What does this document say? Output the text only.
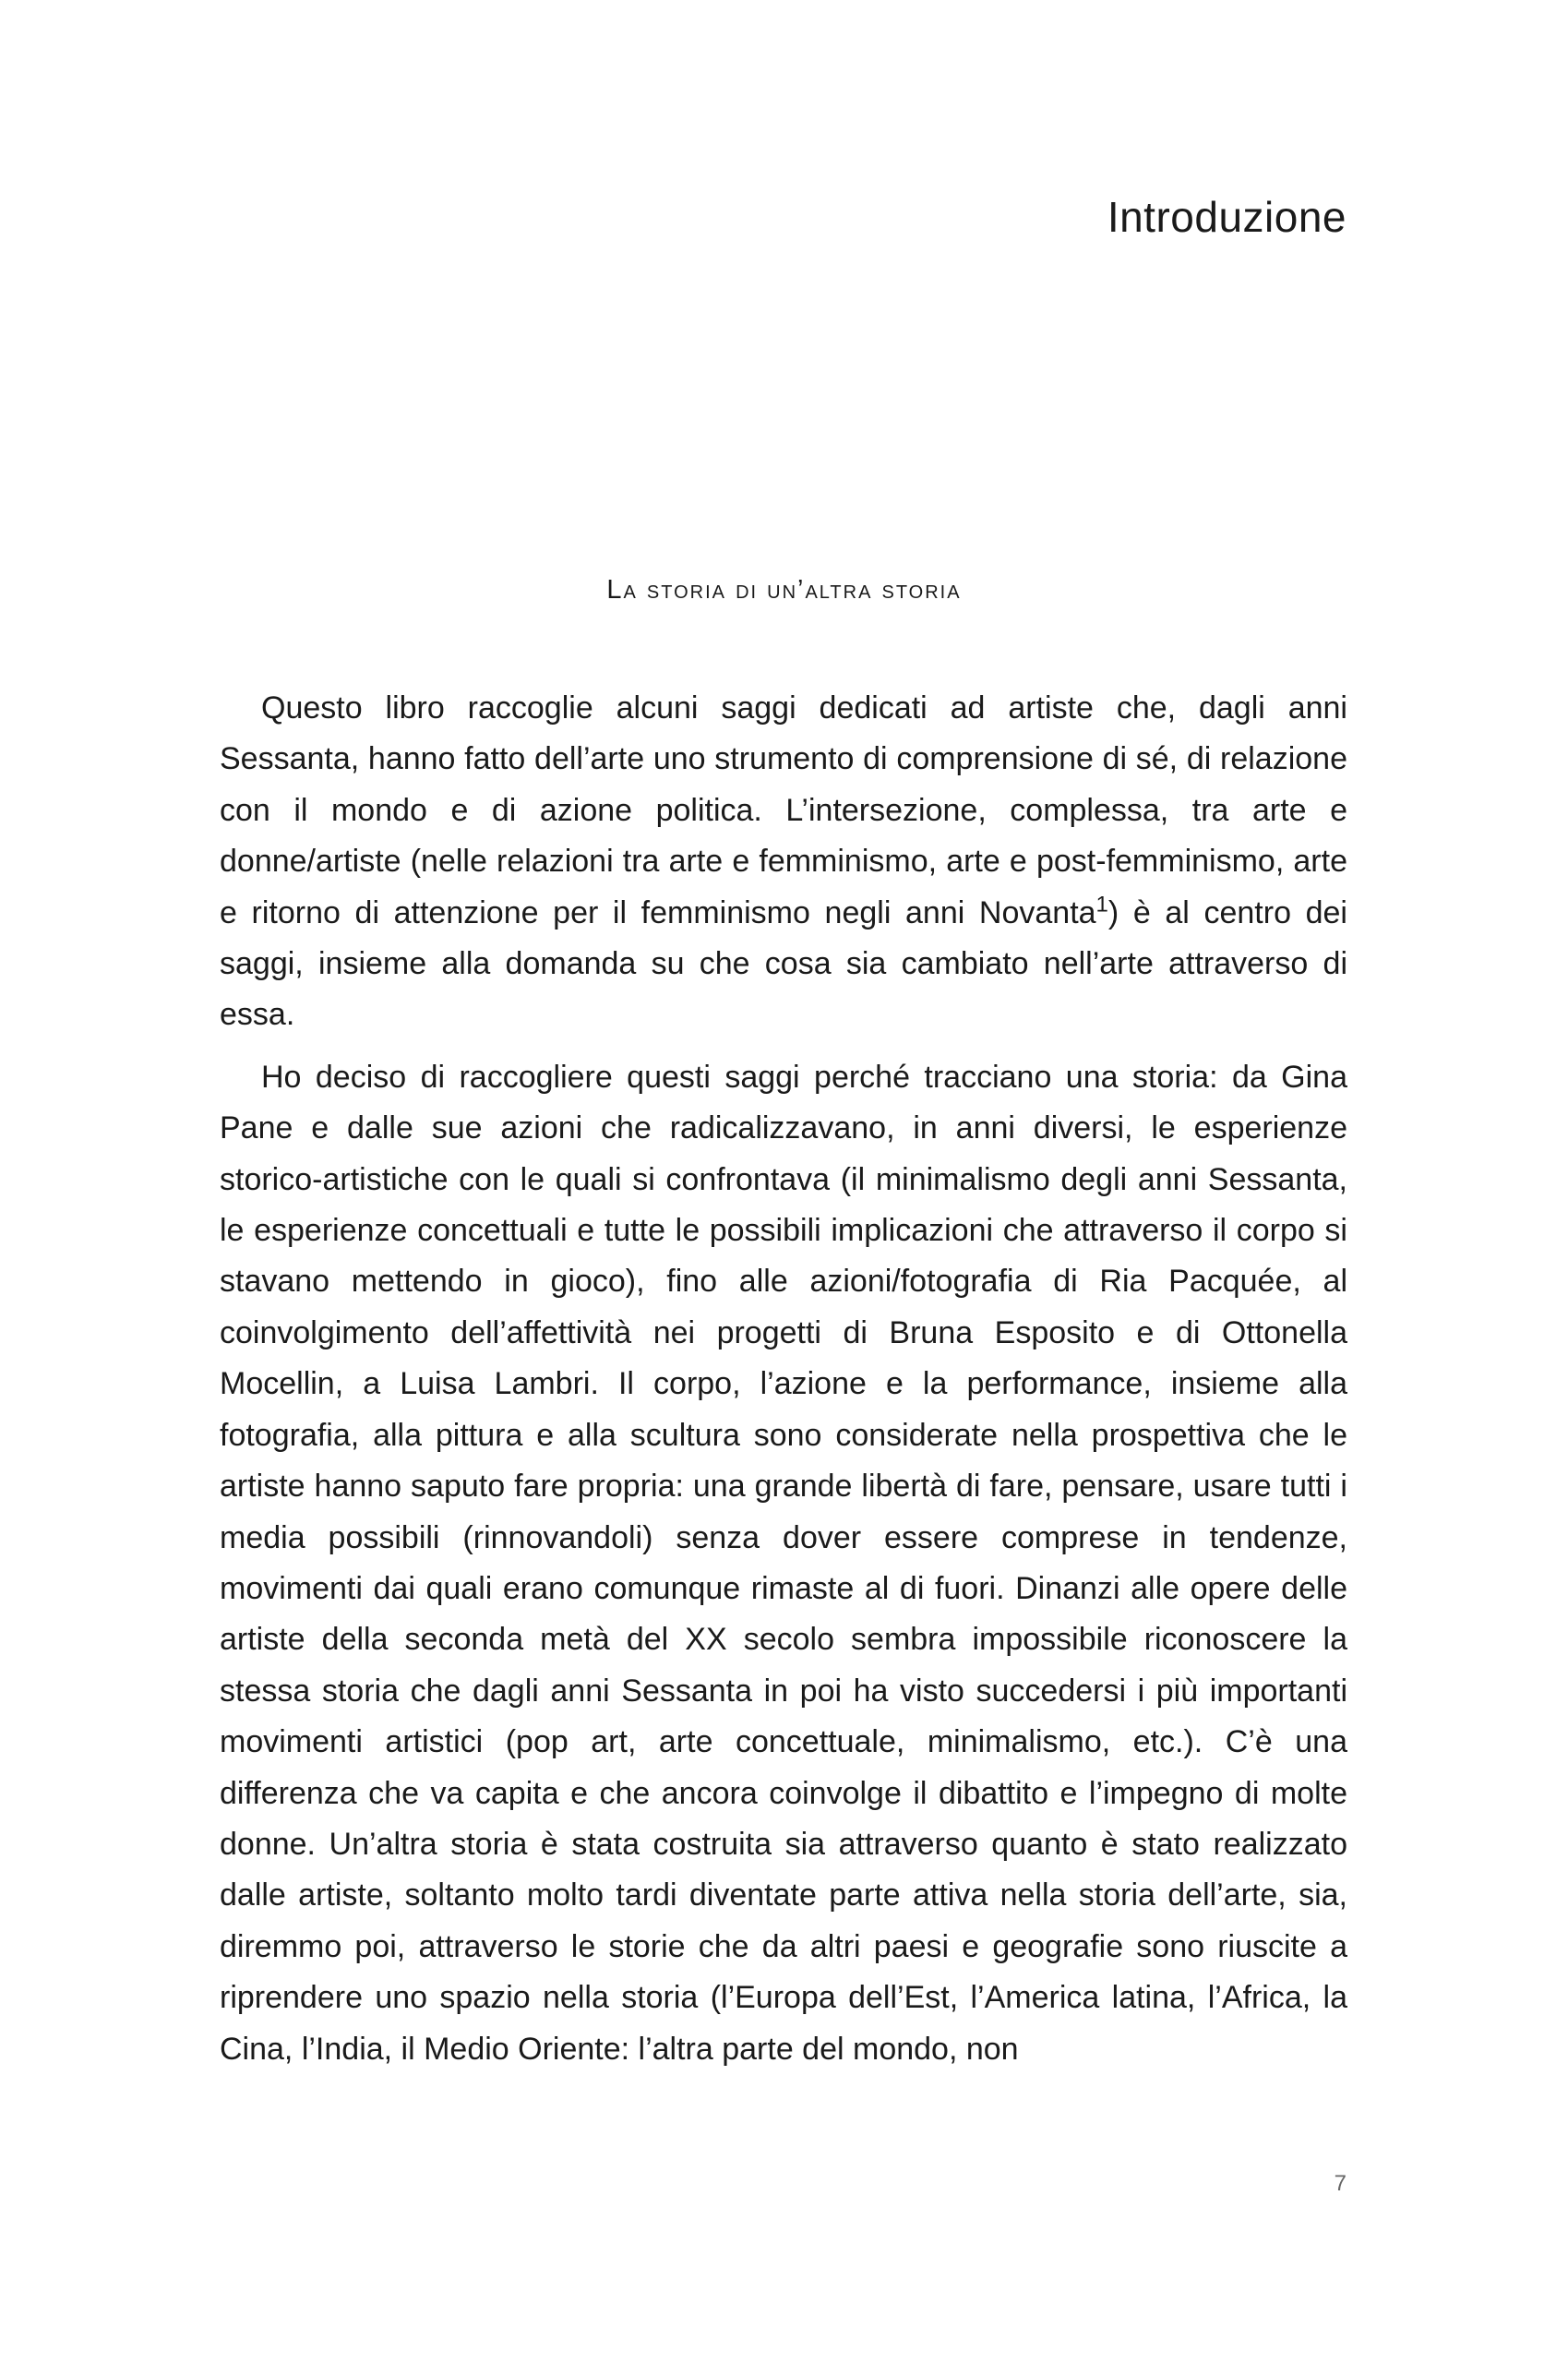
Introduzione
La storia di un’altra storia

Questo libro raccoglie alcuni saggi dedicati ad artiste che, dagli anni Sessanta, hanno fatto dell’arte uno strumento di comprensione di sé, di relazione con il mondo e di azione politica. L’intersezione, complessa, tra arte e donne/artiste (nelle relazioni tra arte e femminismo, arte e post-femminismo, arte e ritorno di attenzione per il femminismo negli anni Novanta$^1$) è al centro dei saggi, insieme alla domanda su che cosa sia cambiato nell’arte attraverso di essa.

Ho deciso di raccogliere questi saggi perché tracciano una storia: da Gina Pane e dalle sue azioni che radicalizzavano, in anni diversi, le esperienze storico-artistiche con le quali si confrontava (il minimalismo degli anni Sessanta, le esperienze concettuali e tutte le possibili implicazioni che attraverso il corpo si stavano mettendo in gioco), fino alle azioni/fotografia di Ria Pacquée, al coinvolgimento dell’affettività nei progetti di Bruna Esposito e di Ottonella Mocellin, a Luisa Lambri. Il corpo, l’azione e la performance, insieme alla fotografia, alla pittura e alla scultura sono considerate nella prospettiva che le artiste hanno saputo fare propria: una grande libertà di fare, pensare, usare tutti i media possibili (rinnovandoli) senza dover essere comprese in tendenze, movimenti dai quali erano comunque rimaste al di fuori. Dinanzi alle opere delle artiste della seconda metà del XX secolo sembra impossibile riconoscere la stessa storia che dagli anni Sessanta in poi ha visto succedersi i più importanti movimenti artistici (pop art, arte concettuale, minimalismo, etc.). C’è una differenza che va capita e che ancora coinvolge il dibattito e l’impegno di molte donne. Un’altra storia è stata costruita sia attraverso quanto è stato realizzato dalle artiste, soltanto molto tardi diventate parte attiva nella storia dell’arte, sia, diremmo poi, attraverso le storie che da altri paesi e geografie sono riuscite a riprendere uno spazio nella storia (l’Europa dell’Est, l’America latina, l’Africa, la Cina, l’India, il Medio Oriente: l’altra parte del mondo, non

7
